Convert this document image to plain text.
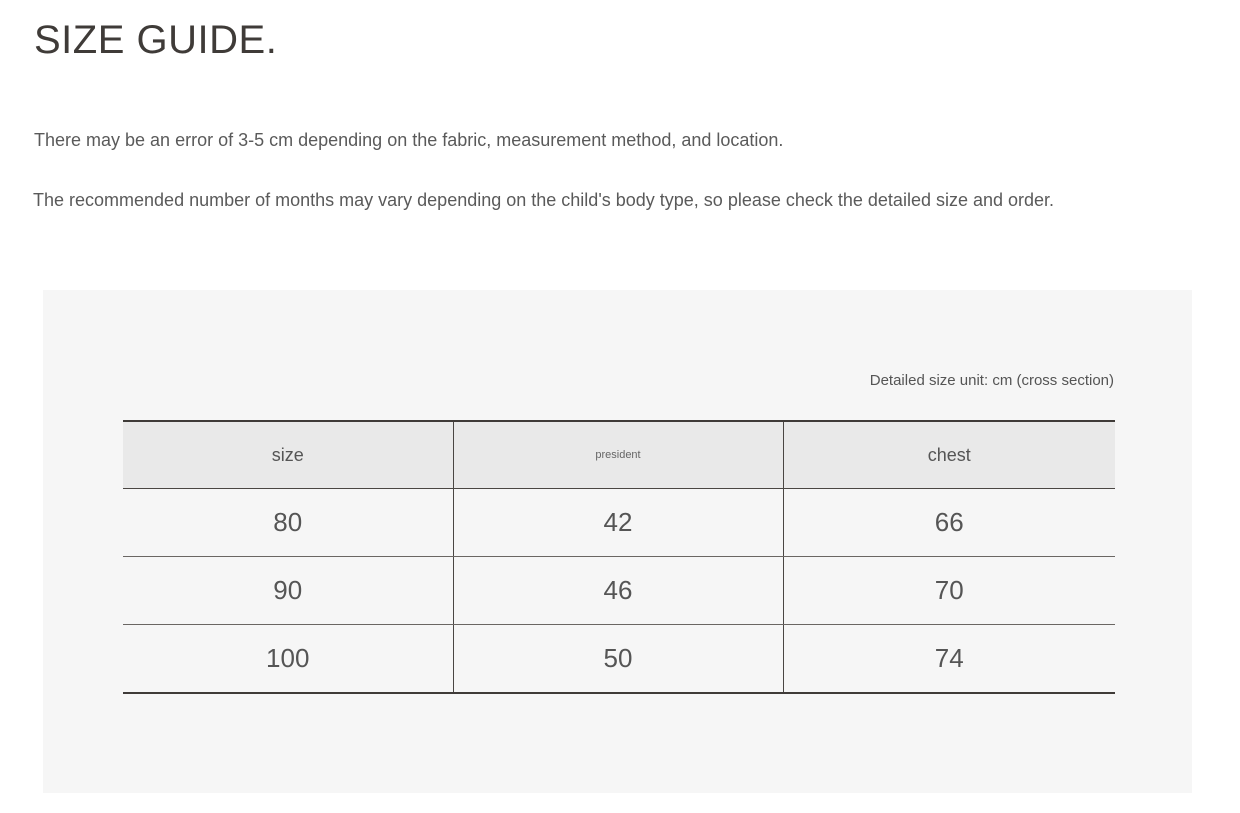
SIZE GUIDE.

There may be an error of 3-5 cm depending on the fabric, measurement method, and location.

The recommended number of months may vary depending on the child's body type, so please check the detailed size and order.

Detailed size unit: cm (cross section)
size	president	chest
80	42	66
90	46	70
100	50	74
